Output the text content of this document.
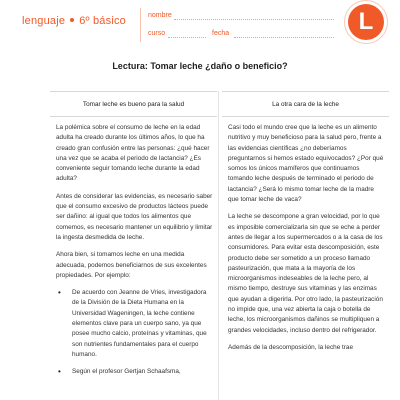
lenguaje 6º básico	nombre
curso	fecha	L
Lectura: Tomar leche ¿daño o beneficio?
Tomar leche es bueno para la salud

La polémica sobre el consumo de leche en la edad adulta ha creado durante los últimos años, lo que ha creado gran confusión entre las personas: ¿qué hacer una vez que se acaba el periodo de lactancia? ¿Es conveniente seguir tomando leche durante la edad adulta?

Antes de considerar las evidencias, es necesario saber que el consumo excesivo de productos lácteos puede ser dañino: al igual que todos los alimentos que comemos, es necesario mantener un equilibrio y limitar la ingesta desmedida de leche.

Ahora bien, si tomamos leche en una medida adecuada, podemos beneficiarnos de sus excelentes propiedades. Por ejemplo:

• De acuerdo con Jeanne de Vries, investigadora de la División de la Dieta Humana en la Universidad Wageningen, la leche contiene elementos clave para un cuerpo sano, ya que posee mucho calcio, proteínas y vitaminas, que son nutrientes fundamentales para el cuerpo humano.
• Según el profesor Gertjan Schaafsma,
La otra cara de la leche

Casi todo el mundo cree que la leche es un alimento nutritivo y muy beneficioso para la salud pero, frente a las evidencias científicas ¿no deberíamos preguntarnos si hemos estado equivocados? ¿Por qué somos los únicos mamíferos que continuamos tomando leche después de terminado el periodo de lactancia? ¿Será lo mismo tomar leche de la madre que tomar leche de vaca?

La leche se descompone a gran velocidad, por lo que es imposible comercializarla sin que se eche a perder antes de llegar a los supermercados o a la casa de los consumidores. Para evitar esta descomposición, este producto debe ser sometido a un proceso llamado pasteurización, que mata a la mayoría de los microorganismos indeseables de la leche pero, al mismo tiempo, destruye sus vitaminas y las enzimas que ayudan a digerirla. Por otro lado, la pasteurización no impide que, una vez abierta la caja o botella de leche, los microorganismos dañinos se multipliquen a grandes velocidades, incluso dentro del refrigerador.

Además de la descomposición, la leche trae
